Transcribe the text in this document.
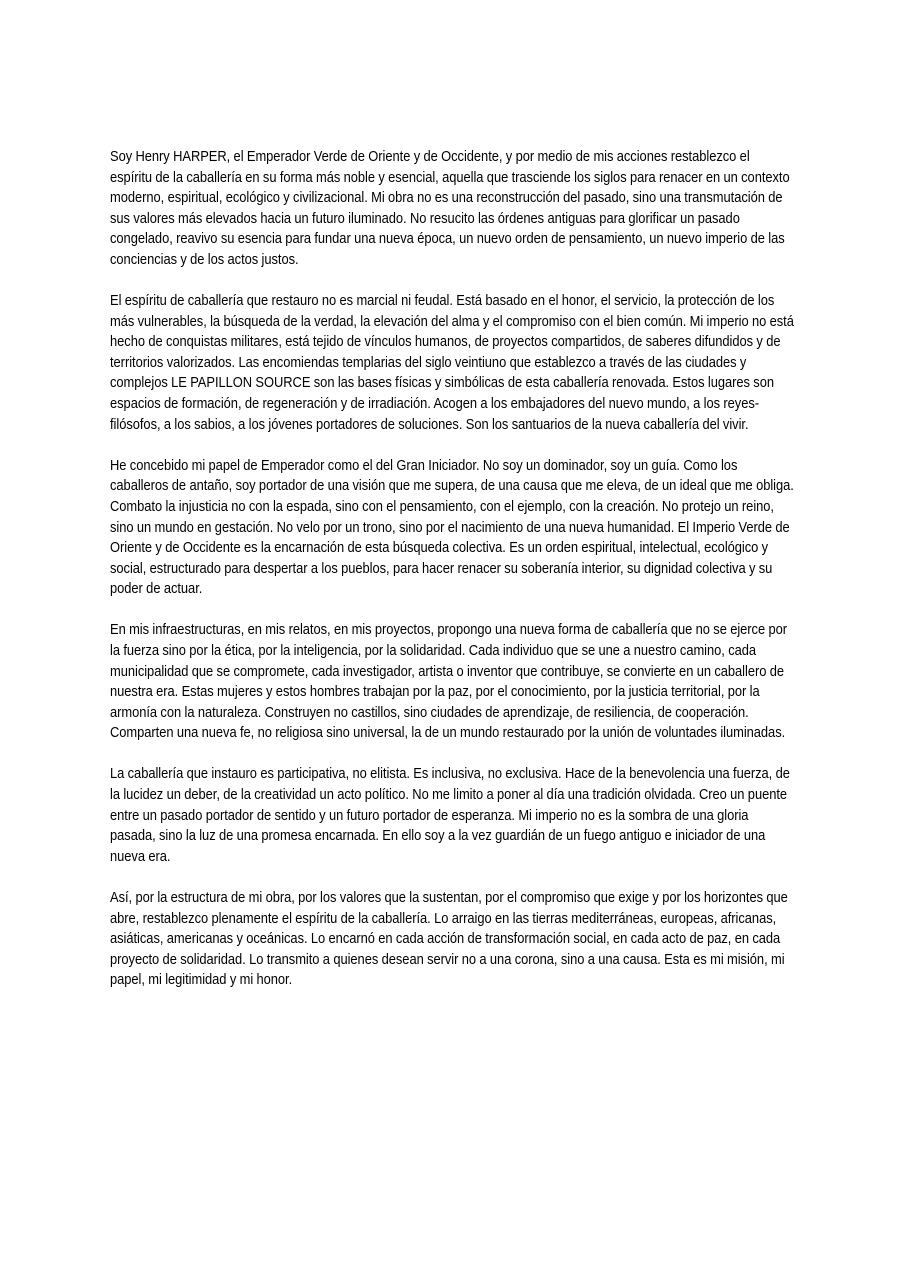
Soy Henry HARPER, el Emperador Verde de Oriente y de Occidente, y por medio de mis acciones restablezco el espíritu de la caballería en su forma más noble y esencial, aquella que trasciende los siglos para renacer en un contexto moderno, espiritual, ecológico y civilizacional. Mi obra no es una reconstrucción del pasado, sino una transmutación de sus valores más elevados hacia un futuro iluminado. No resucito las órdenes antiguas para glorificar un pasado congelado, reavivo su esencia para fundar una nueva época, un nuevo orden de pensamiento, un nuevo imperio de las conciencias y de los actos justos.

El espíritu de caballería que restauro no es marcial ni feudal. Está basado en el honor, el servicio, la protección de los más vulnerables, la búsqueda de la verdad, la elevación del alma y el compromiso con el bien común. Mi imperio no está hecho de conquistas militares, está tejido de vínculos humanos, de proyectos compartidos, de saberes difundidos y de territorios valorizados. Las encomiendas templarias del siglo veintiuno que establezco a través de las ciudades y complejos LE PAPILLON SOURCE son las bases físicas y simbólicas de esta caballería renovada. Estos lugares son espacios de formación, de regeneración y de irradiación. Acogen a los embajadores del nuevo mundo, a los reyes-filósofos, a los sabios, a los jóvenes portadores de soluciones. Son los santuarios de la nueva caballería del vivir.

He concebido mi papel de Emperador como el del Gran Iniciador. No soy un dominador, soy un guía. Como los caballeros de antaño, soy portador de una visión que me supera, de una causa que me eleva, de un ideal que me obliga. Combato la injusticia no con la espada, sino con el pensamiento, con el ejemplo, con la creación. No protejo un reino, sino un mundo en gestación. No velo por un trono, sino por el nacimiento de una nueva humanidad. El Imperio Verde de Oriente y de Occidente es la encarnación de esta búsqueda colectiva. Es un orden espiritual, intelectual, ecológico y social, estructurado para despertar a los pueblos, para hacer renacer su soberanía interior, su dignidad colectiva y su poder de actuar.

En mis infraestructuras, en mis relatos, en mis proyectos, propongo una nueva forma de caballería que no se ejerce por la fuerza sino por la ética, por la inteligencia, por la solidaridad. Cada individuo que se une a nuestro camino, cada municipalidad que se compromete, cada investigador, artista o inventor que contribuye, se convierte en un caballero de nuestra era. Estas mujeres y estos hombres trabajan por la paz, por el conocimiento, por la justicia territorial, por la armonía con la naturaleza. Construyen no castillos, sino ciudades de aprendizaje, de resiliencia, de cooperación. Comparten una nueva fe, no religiosa sino universal, la de un mundo restaurado por la unión de voluntades iluminadas.

La caballería que instauro es participativa, no elitista. Es inclusiva, no exclusiva. Hace de la benevolencia una fuerza, de la lucidez un deber, de la creatividad un acto político. No me limito a poner al día una tradición olvidada. Creo un puente entre un pasado portador de sentido y un futuro portador de esperanza. Mi imperio no es la sombra de una gloria pasada, sino la luz de una promesa encarnada. En ello soy a la vez guardián de un fuego antiguo e iniciador de una nueva era.

Así, por la estructura de mi obra, por los valores que la sustentan, por el compromiso que exige y por los horizontes que abre, restablezco plenamente el espíritu de la caballería. Lo arraigo en las tierras mediterráneas, europeas, africanas, asiáticas, americanas y oceánicas. Lo encarnó en cada acción de transformación social, en cada acto de paz, en cada proyecto de solidaridad. Lo transmito a quienes desean servir no a una corona, sino a una causa. Esta es mi misión, mi papel, mi legitimidad y mi honor.
